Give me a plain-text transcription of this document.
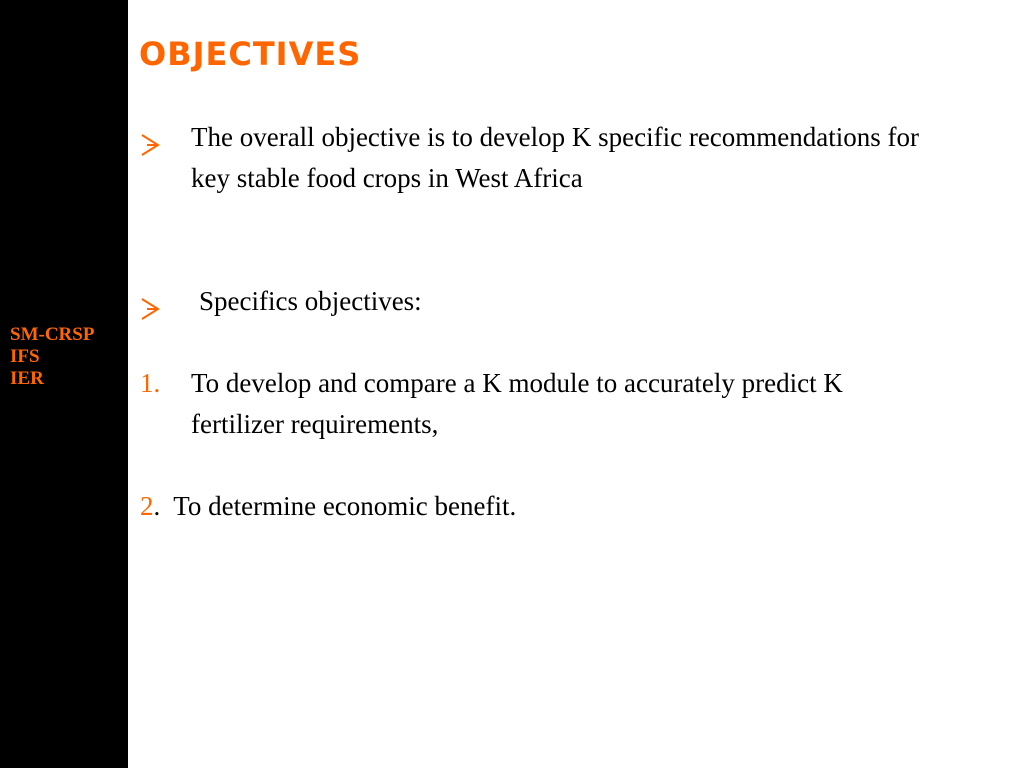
SM-CRSP
IFS
IER
OBJECTIVES
The overall objective is to develop K specific recommendations for key stable food crops in West Africa
Specifics objectives:
1. To develop and compare a K module to accurately predict K fertilizer requirements,
2. To determine economic benefit.
